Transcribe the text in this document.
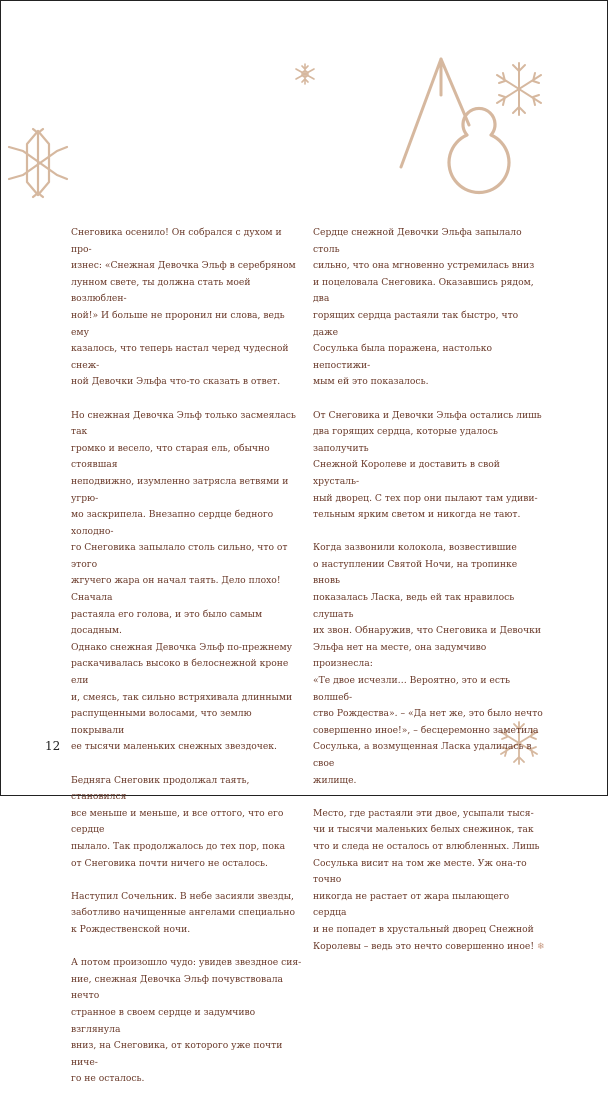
Снеговика осенило! Он собрался с духом и про-
изнес: «Снежная Девочка Эльф в серебряном
лунном свете, ты должна стать моей возлюблен-
ной!» И больше не проронил ни слова, ведь ему
казалось, что теперь настал черед чудесной снеж-
ной Девочки Эльфа что-то сказать в ответ.

Но снежная Девочка Эльф только засмеялась так
громко и весело, что старая ель, обычно стоявшая
неподвижно, изумленно затрясла ветвями и угрю-
мо заскрипела. Внезапно сердце бедного холодно-
го Снеговика запылало столь сильно, что от этого
жгучего жара он начал таять. Дело плохо! Сначала
растаяла его голова, и это было самым досадным.
Однако снежная Девочка Эльф по-прежнему
раскачивалась высоко в белоснежной кроне ели
и, смеясь, так сильно встряхивала длинными
распущенными волосами, что землю покрывали
ее тысячи маленьких снежных звездочек.

Бедняга Снеговик продолжал таять, становился
все меньше и меньше, и все оттого, что его сердце
пылало. Так продолжалось до тех пор, пока
от Снеговика почти ничего не осталось.

Наступил Сочельник. В небе засияли звезды,
заботливо начищенные ангелами специально
к Рождественской ночи.

А потом произошло чудо: увидев звездное сия-
ние, снежная Девочка Эльф почувствовала нечто
странное в своем сердце и задумчиво взглянула
вниз, на Снеговика, от которого уже почти ниче-
го не осталось.

Сердце снежной Девочки Эльфа запылало столь
сильно, что она мгновенно устремилась вниз
и поцеловала Снеговика. Оказавшись рядом, два
горящих сердца растаяли так быстро, что даже
Сосулька была поражена, настолько непостижи-
мым ей это показалось.

От Снеговика и Девочки Эльфа остались лишь
два горящих сердца, которые удалось заполучить
Снежной Королеве и доставить в свой хрусталь-
ный дворец. С тех пор они пылают там удиви-
тельным ярким светом и никогда не тают.

Когда зазвонили колокола, возвестившие
о наступлении Святой Ночи, на тропинке вновь
показалась Ласка, ведь ей так нравилось слушать
их звон. Обнаружив, что Снеговика и Девочки
Эльфа нет на месте, она задумчиво произнесла:
«Те двое исчезли… Вероятно, это и есть волшеб-
ство Рождества». – «Да нет же, это было нечто
совершенно иное!», – бесцеремонно заметила
Сосулька, а возмущенная Ласка удалилась в свое
жилище.

Место, где растаяли эти двое, усыпали тыся-
чи и тысячи маленьких белых снежинок, так
что и следа не осталось от влюбленных. Лишь
Сосулька висит на том же месте. Уж она-то точно
никогда не растает от жара пылающего сердца
и не попадет в хрустальный дворец Снежной
Королевы – ведь это нечто совершенно иное! ❄

12
